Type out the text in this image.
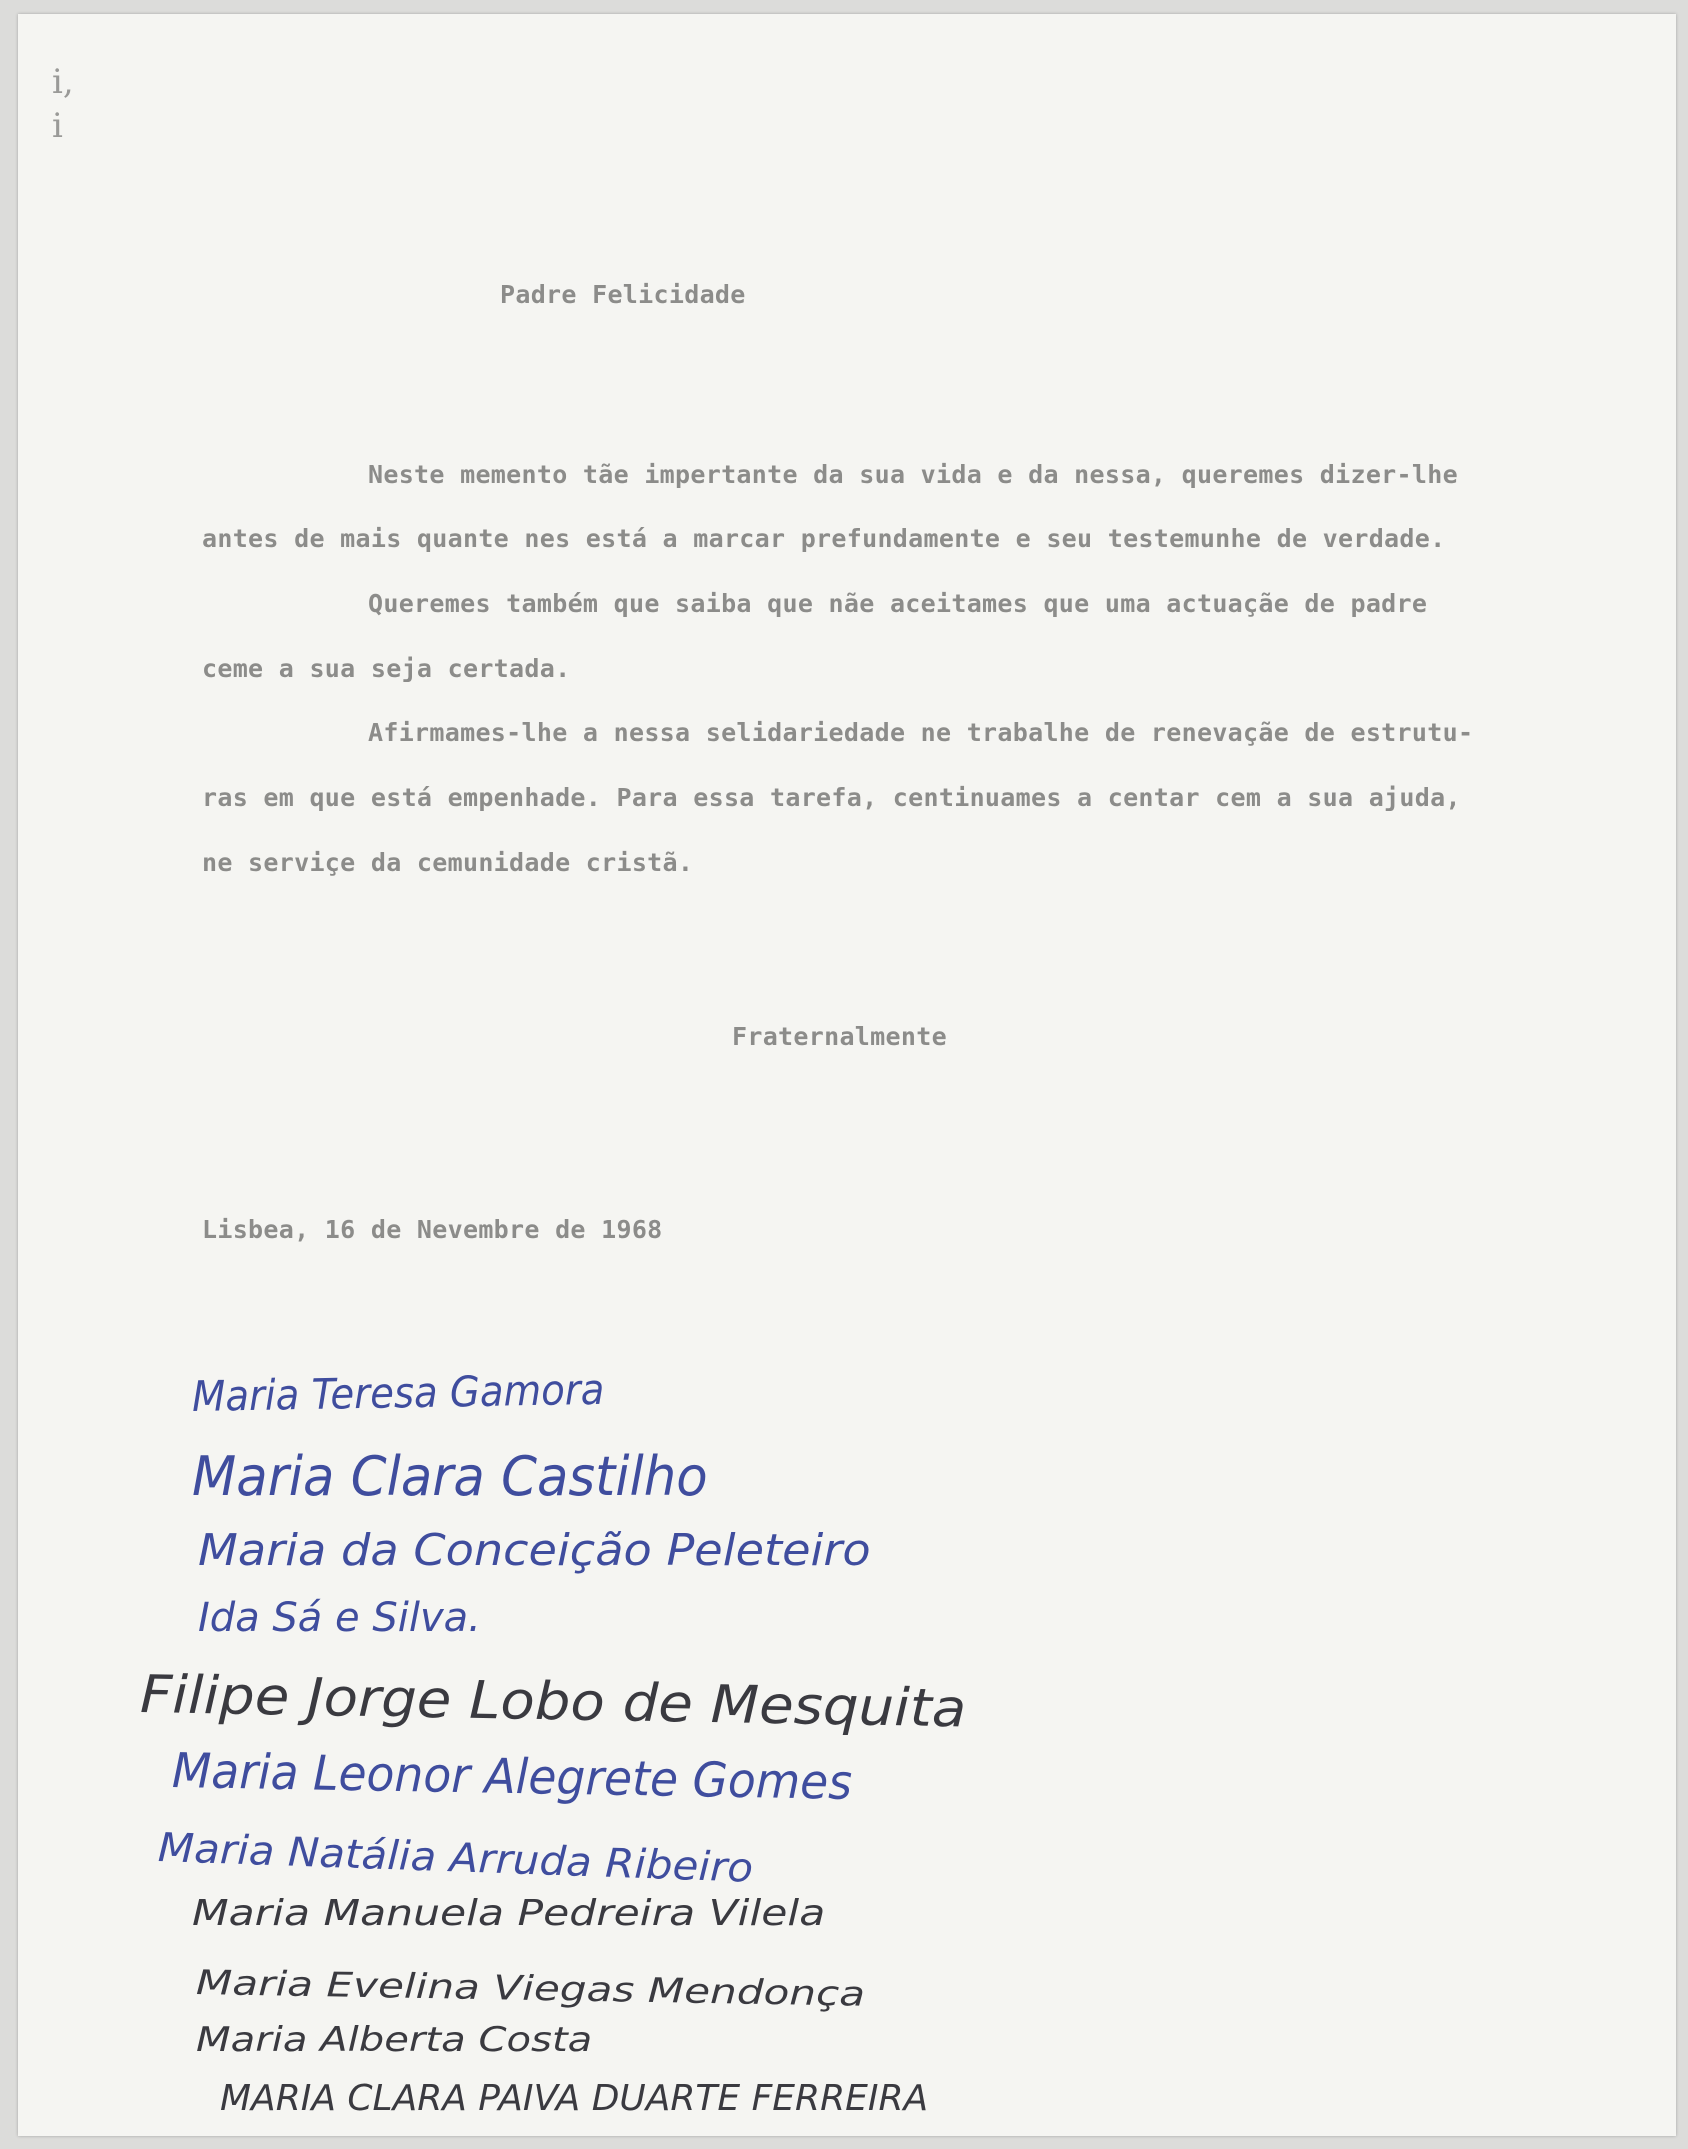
i, i
Padre Felicidade
Neste memento tãe impertante da sua vida e da nessa, queremes dizer-lhe
antes de mais quante nes está a marcar prefundamente e seu testemunhe de verdade.
Queremes também que saiba que nãe aceitames que uma actuaçãe de padre
ceme a sua seja certada.
Afirmames-lhe a nessa selidariedade ne trabalhe de renevaçãe de estrutu-
ras em que está empenhade. Para essa tarefa, centinuames a centar cem a sua ajuda,
ne serviçe da cemunidade cristã.
Fraternalmente
Lisbea, 16 de Nevembre de 1968
Maria Teresa Gamora
Maria Clara Castilho
Maria da Conceição Peleteiro
Ida Sá e Silva.
Filipe Jorge Lobo de Mesquita
Maria Leonor Alegrete Gomes
Maria Natália Arruda Ribeiro
Maria Manuela Pedreira Vilela
Maria Evelina Viegas Mendonça
Maria Alberta Costa
MARIA CLARA PAIVA DUARTE FERREIRA
